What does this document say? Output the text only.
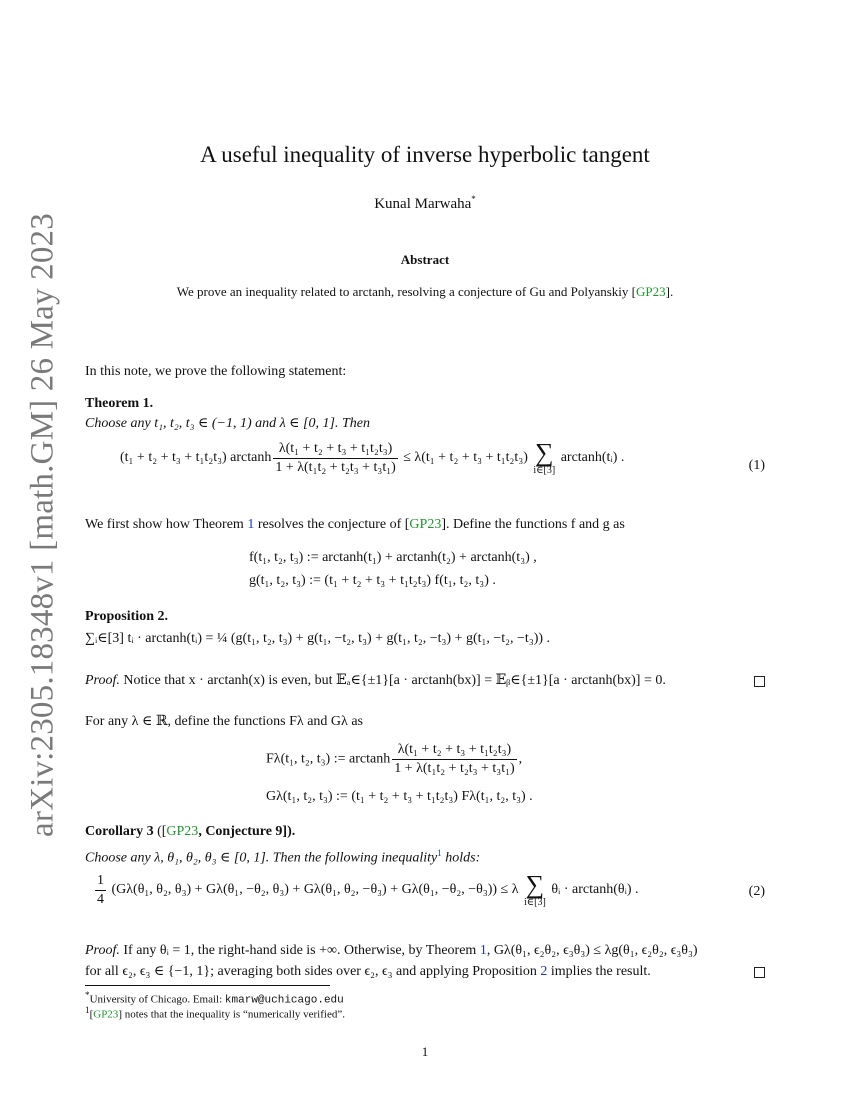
arXiv:2305.18348v1 [math.GM] 26 May 2023
A useful inequality of inverse hyperbolic tangent
Kunal Marwaha*
Abstract
We prove an inequality related to arctanh, resolving a conjecture of Gu and Polyanskiy [GP23].
In this note, we prove the following statement:
Theorem 1.
Choose any t₁, t₂, t₃ ∈ (−1, 1) and λ ∈ [0, 1]. Then
(t₁ + t₂ + t₃ + t₁t₂t₃) arctanh $\frac{\text{λ(t₁ + t₂ + t₃ + t₁t₂t₃)}}{\text{1 + λ(t₁t₂ + t₂t₃ + t₃t₁)}} \le \lambda(t_1 + t_2 + t_3 + t_1t_2t_3)$ ∑
i∈[3]
arctanh(tᵢ) .
(1)
We first show how Theorem 1 resolves the conjecture of [GP23]. Define the functions f and g as
f(t₁, t₂, t₃) := arctanh(t₁) + arctanh(t₂) + arctanh(t₃) ,
g(t₁, t₂, t₃) := (t₁ + t₂ + t₃ + t₁t₂t₃) f(t₁, t₂, t₃) .
Proposition 2.
∑ᵢ∈[3] tᵢ · arctanh(tᵢ) = ¼ (g(t₁, t₂, t₃) + g(t₁, −t₂, t₃) + g(t₁, t₂, −t₃) + g(t₁, −t₂, −t₃)) .
Proof. Notice that x · arctanh(x) is even, but 𝔼ₐ∈{±1}[a · arctanh(bx)] = 𝔼ᵦ∈{±1}[a · arctanh(bx)] = 0.
For any λ ∈ ℝ, define the functions Fλ and Gλ as
Fλ(t₁, t₂, t₃) := arctanh $\frac{\text{λ(t₁ + t₂ + t₃ + t₁t₂t₃)}}{\text{1 + λ(t₁t₂ + t₂t₃ + t₃t₁)}}$ ,
Gλ(t₁, t₂, t₃) := (t₁ + t₂ + t₃ + t₁t₂t₃) Fλ(t₁, t₂, t₃) .
Corollary 3 ([GP23, Conjecture 9]).
Choose any λ, θ₁, θ₂, θ₃ ∈ [0, 1]. Then the following inequality$^1$ holds:
$\frac{1}{4} (G\lambda(\theta_1$, θ₂, θ₃) + Gλ(θ₁, −θ₂, θ₃) + Gλ(θ₁, θ₂, −θ₃) + Gλ(θ₁, −θ₂, −θ₃)) ≤ λ ∑
i∈[3]
θᵢ · arctanh(θᵢ) .	(2)
Proof. If any θᵢ = 1, the right-hand side is +∞. Otherwise, by Theorem 1, Gλ(θ₁, ϵ₂θ₂, ϵ₃θ₃) ≤ λg(θ₁, ϵ₂θ₂, ϵ₃θ₃)
for all ϵ₂, ϵ₃ ∈ {−1, 1}; averaging both sides over ϵ₂, ϵ₃ and applying Proposition 2 implies the result.
*University of Chicago. Email: kmarw@uchicago.edu
$^1$[GP23] notes that the inequality is “numerically verified”.
1
